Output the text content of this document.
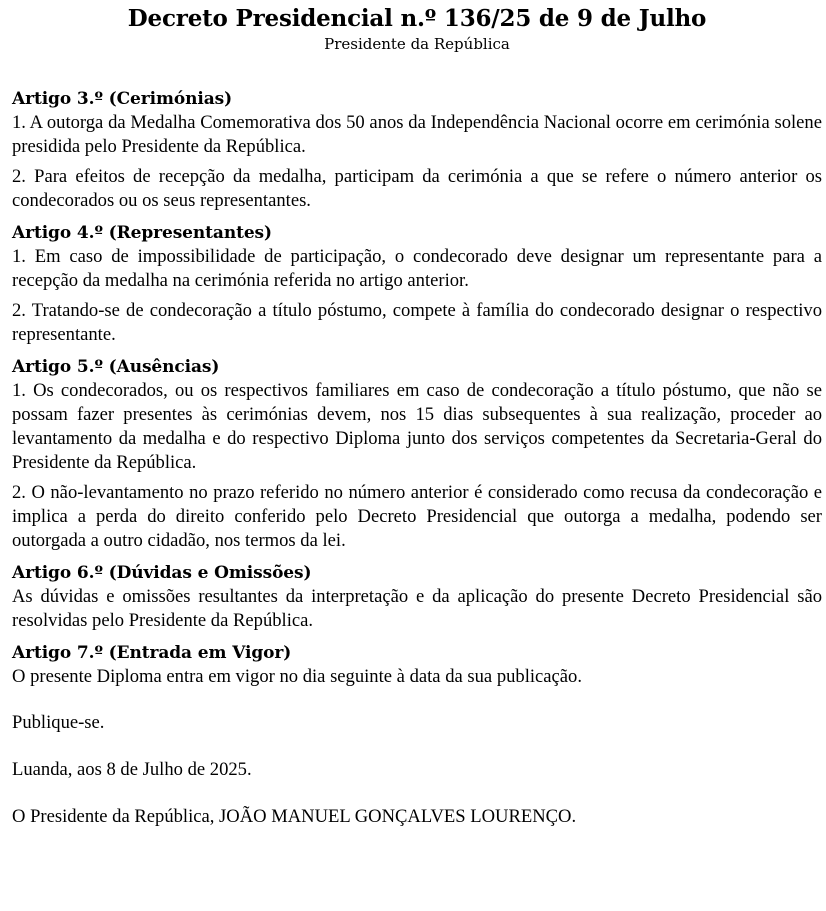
Decreto Presidencial n.º 136/25 de 9 de Julho

Presidente da República

Artigo 3.º (Cerimónias)

1. A outorga da Medalha Comemorativa dos 50 anos da Independência Nacional ocorre em cerimónia solene presidida pelo Presidente da República.

2. Para efeitos de recepção da medalha, participam da cerimónia a que se refere o número anterior os condecorados ou os seus representantes.

Artigo 4.º (Representantes)

1. Em caso de impossibilidade de participação, o condecorado deve designar um representante para a recepção da medalha na cerimónia referida no artigo anterior.

2. Tratando-se de condecoração a título póstumo, compete à família do condecorado designar o respectivo representante.

Artigo 5.º (Ausências)

1. Os condecorados, ou os respectivos familiares em caso de condecoração a título póstumo, que não se possam fazer presentes às cerimónias devem, nos 15 dias subsequentes à sua realização, proceder ao levantamento da medalha e do respectivo Diploma junto dos serviços competentes da Secretaria-Geral do Presidente da República.

2. O não-levantamento no prazo referido no número anterior é considerado como recusa da condecoração e implica a perda do direito conferido pelo Decreto Presidencial que outorga a medalha, podendo ser outorgada a outro cidadão, nos termos da lei.

Artigo 6.º (Dúvidas e Omissões)

As dúvidas e omissões resultantes da interpretação e da aplicação do presente Decreto Presidencial são resolvidas pelo Presidente da República.

Artigo 7.º (Entrada em Vigor)

O presente Diploma entra em vigor no dia seguinte à data da sua publicação.

Publique-se.

Luanda, aos 8 de Julho de 2025.

O Presidente da República, JOÃO MANUEL GONÇALVES LOURENÇO.
